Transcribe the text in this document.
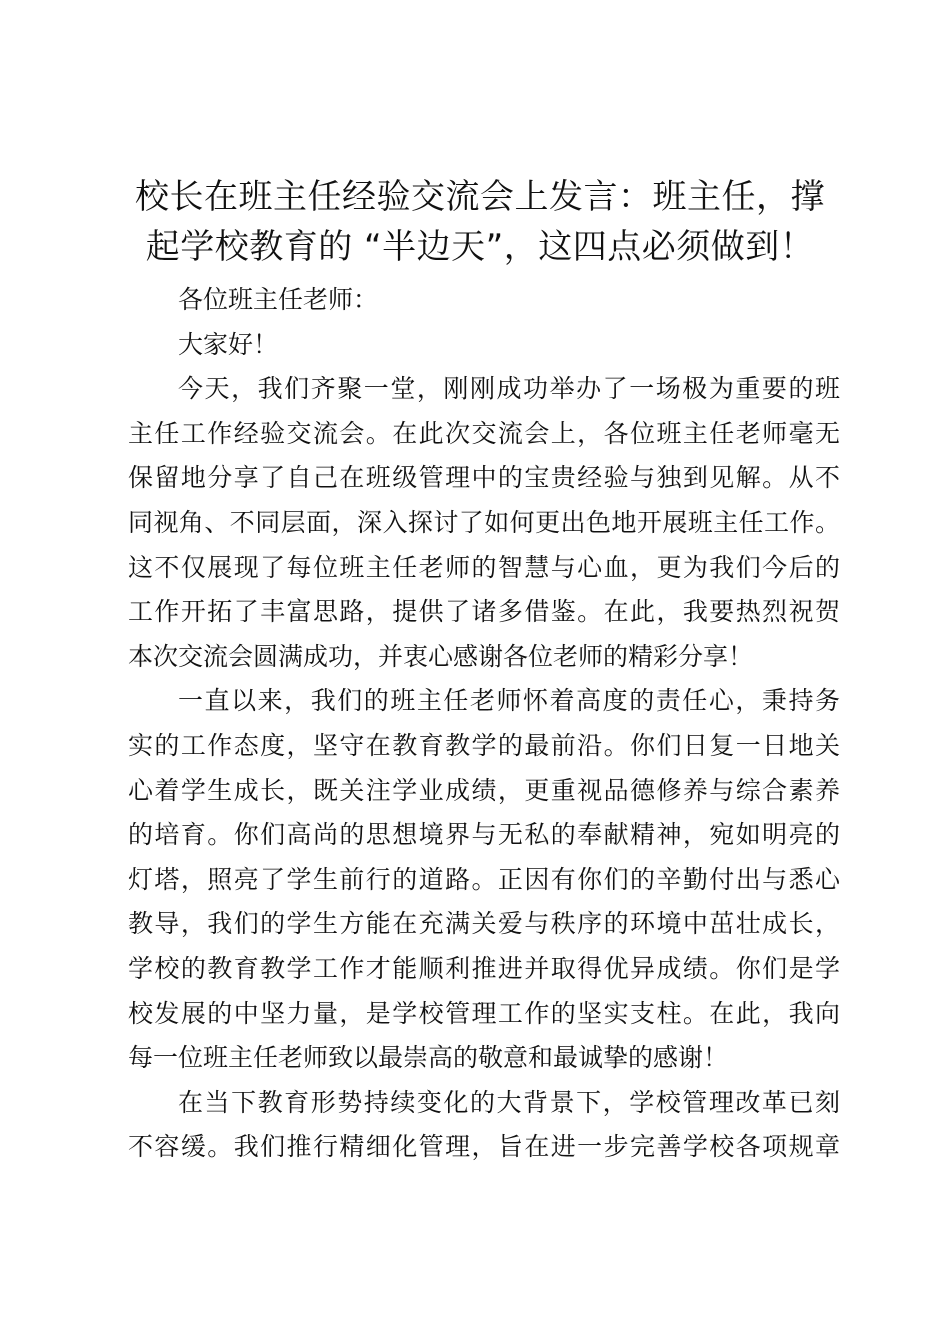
校长在班主任经验交流会上发言：班主任，撑
起学校教育的 “半边天”，这四点必须做到！
各位班主任老师：
大家好！
今天，我们齐聚一堂，刚刚成功举办了一场极为重要的班
主任工作经验交流会。在此次交流会上，各位班主任老师毫无
保留地分享了自己在班级管理中的宝贵经验与独到见解。从不
同视角、不同层面，深入探讨了如何更出色地开展班主任工作。
这不仅展现了每位班主任老师的智慧与心血，更为我们今后的
工作开拓了丰富思路，提供了诸多借鉴。在此，我要热烈祝贺
本次交流会圆满成功，并衷心感谢各位老师的精彩分享！
一直以来，我们的班主任老师怀着高度的责任心，秉持务
实的工作态度，坚守在教育教学的最前沿。你们日复一日地关
心着学生成长，既关注学业成绩，更重视品德修养与综合素养
的培育。你们高尚的思想境界与无私的奉献精神，宛如明亮的
灯塔，照亮了学生前行的道路。正因有你们的辛勤付出与悉心
教导，我们的学生方能在充满关爱与秩序的环境中茁壮成长，
学校的教育教学工作才能顺利推进并取得优异成绩。你们是学
校发展的中坚力量，是学校管理工作的坚实支柱。在此，我向
每一位班主任老师致以最崇高的敬意和最诚挚的感谢！
在当下教育形势持续变化的大背景下，学校管理改革已刻
不容缓。我们推行精细化管理，旨在进一步完善学校各项规章
